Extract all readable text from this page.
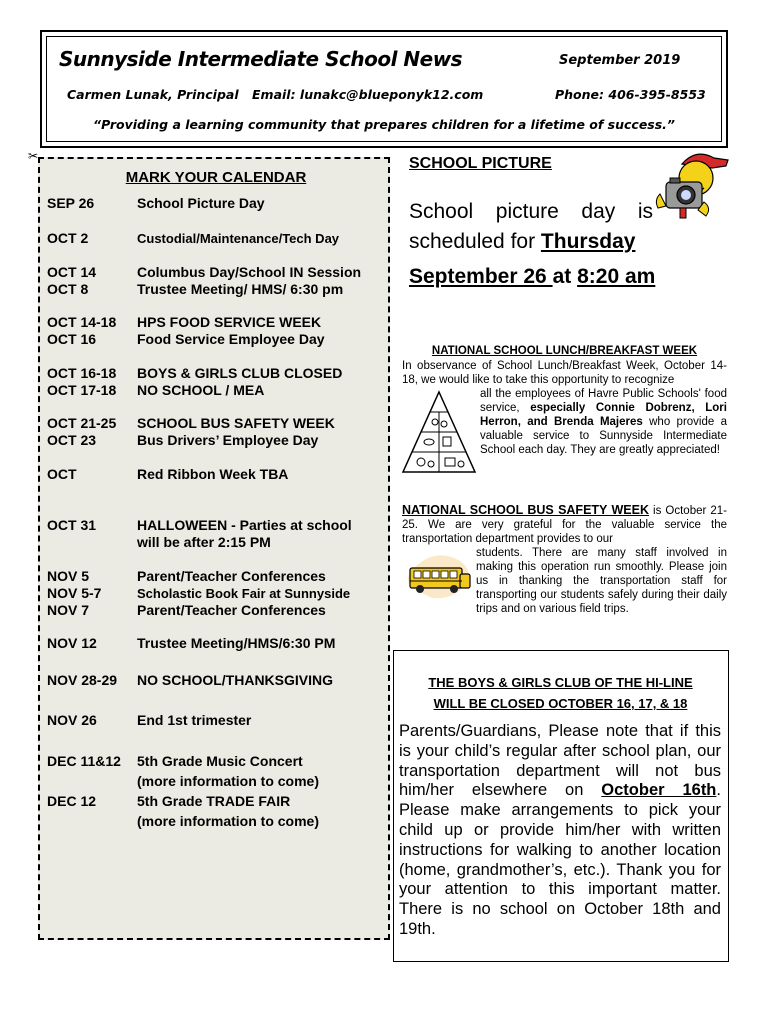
Sunnyside Intermediate School News	September 2019
Carmen Lunak, Principal Email: lunakc@blueponyk12.com	Phone: 406-395-8553
“Providing a learning community that prepares children for a lifetime of success.”
✂
MARK YOUR CALENDAR
SEP 26	School Picture Day
OCT 2	Custodial/Maintenance/Tech Day
OCT 14	Columbus Day/School IN Session
OCT 8	Trustee Meeting/ HMS/ 6:30 pm
OCT 14-18	HPS FOOD SERVICE WEEK
OCT 16	Food Service Employee Day
OCT 16-18	BOYS & GIRLS CLUB CLOSED
OCT 17-18	NO SCHOOL / MEA
OCT 21-25	SCHOOL BUS SAFETY WEEK
OCT 23	Bus Drivers’ Employee Day
OCT	Red Ribbon Week TBA
OCT 31	HALLOWEEN - Parties at school
will be after 2:15 PM
NOV 5	Parent/Teacher Conferences
NOV 5-7	Scholastic Book Fair at Sunnyside
NOV 7	Parent/Teacher Conferences
NOV 12	Trustee Meeting/HMS/6:30 PM
NOV 28-29	NO SCHOOL/THANKSGIVING
NOV 26	End 1st trimester
DEC 11&12	5th Grade Music Concert
(more information to come)
DEC 12	5th Grade TRADE FAIR
(more information to come)
SCHOOL PICTURE
School picture day is
scheduled for Thursday
September 26 at 8:20 am
NATIONAL SCHOOL LUNCH/BREAKFAST WEEK
In observance of School Lunch/Breakfast Week, October 14-18, we would like to take this opportunity to recognize
all the employees of Havre Public Schools' food service, especially Connie Dobrenz, Lori Herron, and Brenda Majeres who provide a valuable service to Sunnyside Intermediate School each day. They are greatly appreciated!
NATIONAL SCHOOL BUS SAFETY WEEK is October 21-25. We are very grateful for the valuable service the transportation department provides to our
students. There are many staff involved in making this operation run smoothly. Please join us in thanking the transportation staff for transporting our students safely during their daily trips and on various field trips.
THE BOYS & GIRLS CLUB OF THE HI-LINE
WILL BE CLOSED OCTOBER 16, 17, & 18
Parents/Guardians, Please note that if this is your child’s regular after school plan, our transportation department will not bus him/her elsewhere on October 16th. Please make arrangements to pick your child up or provide him/her with written instructions for walking to another location (home, grandmother’s, etc.). Thank you for your attention to this important matter. There is no school on October 18th and 19th.
